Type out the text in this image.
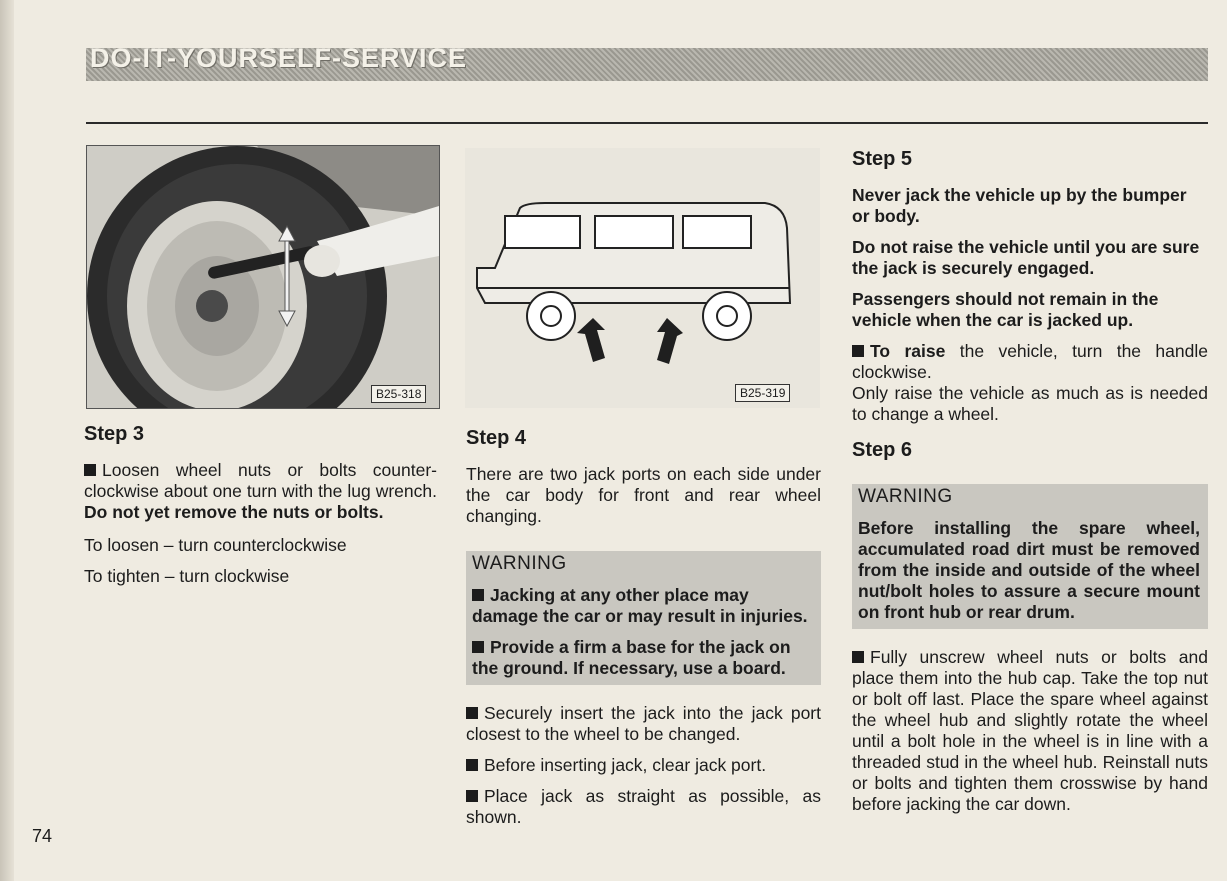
DO-IT-YOURSELF-SERVICE
B25-318	B25-319
Step 3

Loosen wheel nuts or bolts counter-clockwise about one turn with the lug wrench. Do not yet remove the nuts or bolts.

To loosen – turn counterclockwise

To tighten – turn clockwise

Step 4

There are two jack ports on each side under the car body for front and rear wheel changing.

WARNING

Jacking at any other place may damage the car or may result in injuries.

Provide a firm a base for the jack on the ground. If necessary, use a board.

Securely insert the jack into the jack port closest to the wheel to be changed.

Before inserting jack, clear jack port.

Place jack as straight as possible, as shown.

Step 5

Never jack the vehicle up by the bumper or body.

Do not raise the vehicle until you are sure the jack is securely engaged.

Passengers should not remain in the vehicle when the car is jacked up.

To raise the vehicle, turn the handle clockwise.

Only raise the vehicle as much as is needed to change a wheel.

Step 6
WARNING

Before installing the spare wheel, accumulated road dirt must be removed from the inside and outside of the wheel nut/bolt holes to assure a secure mount on front hub or rear drum.

Fully unscrew wheel nuts or bolts and place them into the hub cap. Take the top nut or bolt off last. Place the spare wheel against the wheel hub and slightly rotate the wheel until a bolt hole in the wheel is in line with a threaded stud in the wheel hub. Reinstall nuts or bolts and tighten them crosswise by hand before jacking the car down.

74
